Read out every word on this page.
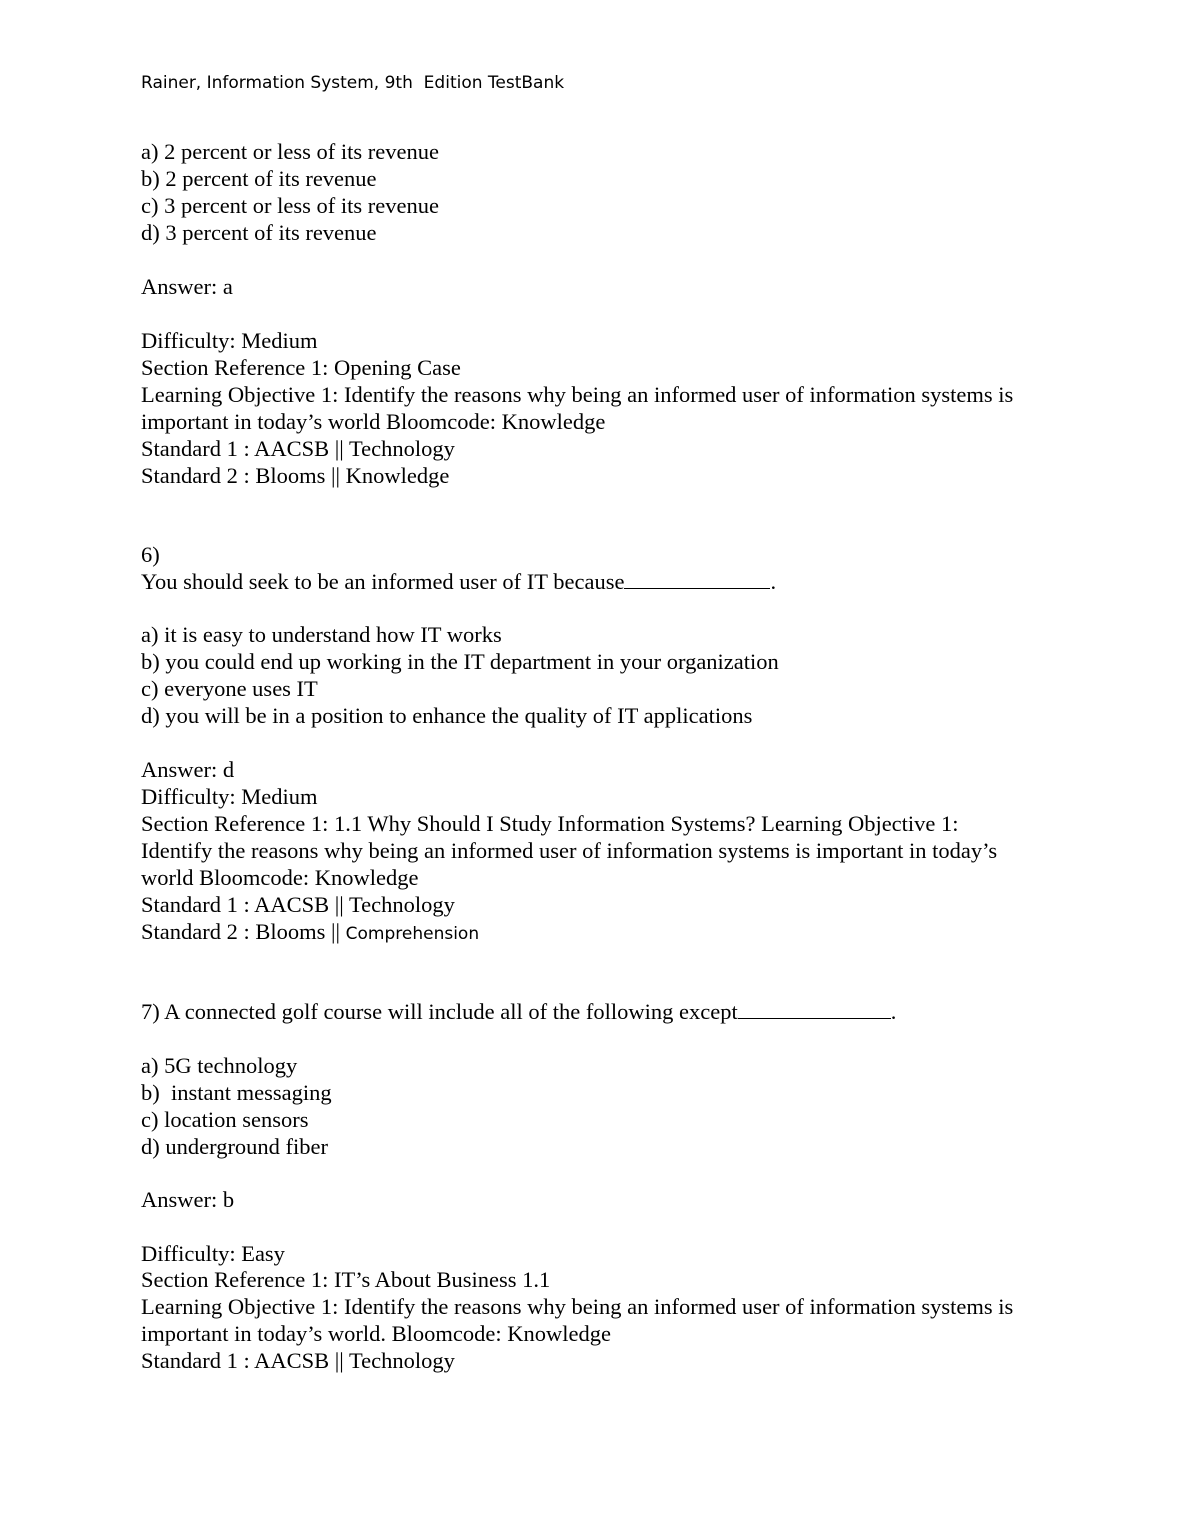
Rainer, Information System, 9th  Edition TestBank
a) 2 percent or less of its revenue
b) 2 percent of its revenue
c) 3 percent or less of its revenue
d) 3 percent of its revenue
Answer: a
Difficulty: Medium
Section Reference 1: Opening Case
Learning Objective 1: Identify the reasons why being an informed user of information systems is
important in today’s world Bloomcode: Knowledge
Standard 1 : AACSB || Technology
Standard 2 : Blooms || Knowledge
6)
You should seek to be an informed user of IT because	.
a) it is easy to understand how IT works
b) you could end up working in the IT department in your organization
c) everyone uses IT
d) you will be in a position to enhance the quality of IT applications
Answer: d
Difficulty: Medium
Section Reference 1: 1.1 Why Should I Study Information Systems? Learning Objective 1:
Identify the reasons why being an informed user of information systems is important in today’s
world Bloomcode: Knowledge
Standard 1 : AACSB || Technology
Standard 2 : Blooms || Comprehension
7) A connected golf course will include all of the following except	.
a) 5G technology
b)  instant messaging
c) location sensors
d) underground fiber
Answer: b
Difficulty: Easy
Section Reference 1: IT’s About Business 1.1
Learning Objective 1: Identify the reasons why being an informed user of information systems is
important in today’s world. Bloomcode: Knowledge
Standard 1 : AACSB || Technology
